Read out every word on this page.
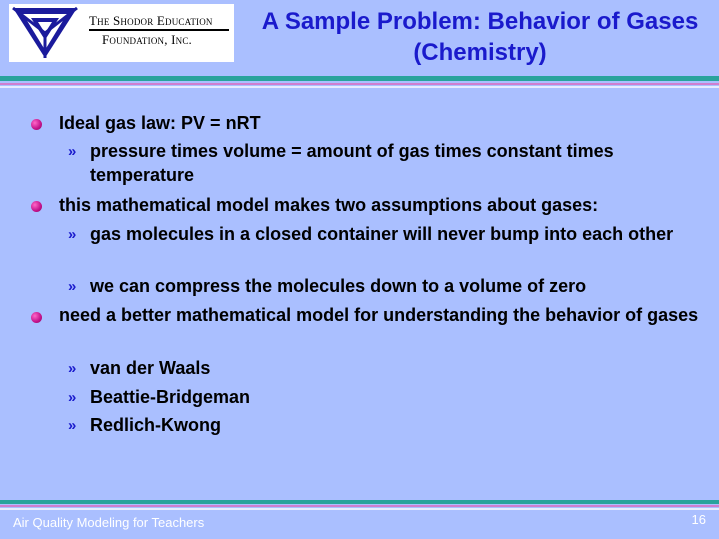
The Shodor Education
Foundation, Inc.
A Sample Problem: Behavior of Gases (Chemistry)
Ideal gas law: PV = nRT
» pressure times volume = amount of gas times constant times temperature
this mathematical model makes two assumptions about gases:
» gas molecules in a closed container will never bump into each other
» we can compress the molecules down to a volume of zero
need a better mathematical model for understanding the behavior of gases
» van der Waals
» Beattie-Bridgeman
» Redlich-Kwong
Air Quality Modeling for Teachers	16
